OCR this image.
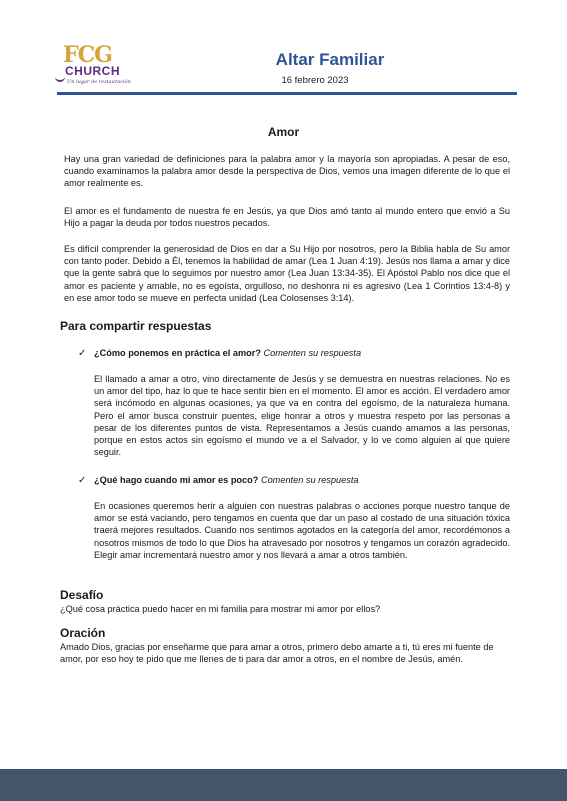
FCG
CHURCH
Un lugar de restauración
Altar Familiar
16 febrero 2023
Amor

Hay una gran variedad de definiciones para la palabra amor y la mayoría son apropiadas. A pesar de eso, cuando examinamos la palabra amor desde la perspectiva de Dios, vemos una imagen diferente de lo que el amor realmente es.

El amor es el fundamento de nuestra fe en Jesús, ya que Dios amó tanto al mundo entero que envió a Su Hijo a pagar la deuda por todos nuestros pecados.

Es difícil comprender la generosidad de Dios en dar a Su Hijo por nosotros, pero la Biblia habla de Su amor con tanto poder. Debido a Él, tenemos la habilidad de amar (Lea 1 Juan 4:19). Jesús nos llama a amar y dice que la gente sabrá que lo seguimos por nuestro amor (Lea Juan 13:34-35). El Apóstol Pablo nos dice que el amor es paciente y amable, no es egoísta, orgulloso, no deshonra ni es agresivo (Lea 1 Corintios 13:4-8) y en ese amor todo se mueve en perfecta unidad (Lea Colosenses 3:14).

Para compartir respuestas
✓ ¿Cómo ponemos en práctica el amor? Comenten su respuesta

El llamado a amar a otro, vino directamente de Jesús y se demuestra en nuestras relaciones. No es un amor del tipo, haz lo que te hace sentir bien en el momento. El amor es acción. El verdadero amor será incómodo en algunas ocasiones, ya que va en contra del egoísmo, de la naturaleza humana. Pero el amor busca construir puentes, elige honrar a otros y muestra respeto por las personas a pesar de los diferentes puntos de vista. Representamos a Jesús cuando amamos a las personas, porque en estos actos sin egoísmo el mundo ve a el Salvador, y lo ve como alguien al que quiere seguir.

✓ ¿Qué hago cuando mi amor es poco? Comenten su respuesta

En ocasiones queremos herir a alguien con nuestras palabras o acciones porque nuestro tanque de amor se está vaciando, pero tengamos en cuenta que dar un paso al costado de una situación tóxica traerá mejores resultados. Cuando nos sentimos agotados en la categoría del amor, recordémonos a nosotros mismos de todo lo que Dios ha atravesado por nosotros y tengamos un corazón agradecido. Elegir amar incrementará nuestro amor y nos llevará a amar a otros también.

Desafío

¿Qué cosa práctica puedo hacer en mi familia para mostrar mi amor por ellos?

Oración

Amado Dios, gracias por enseñarme que para amar a otros, primero debo amarte a ti, tú eres mi fuente de amor, por eso hoy te pido que me llenes de ti para dar amor a otros, en el nombre de Jesús, amén.
